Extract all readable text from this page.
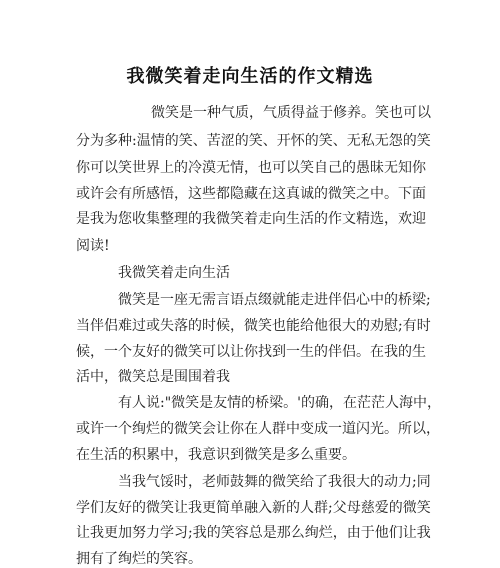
我微笑着走向生活的作文精选
微笑是一种气质，气质得益于修养。笑也可以
分为多种:温情的笑、苦涩的笑、开怀的笑、无私无怨的笑
你可以笑世界上的冷漠无情，也可以笑自己的愚昧无知你
或许会有所感悟，这些都隐藏在这真诚的微笑之中。下面
是我为您收集整理的我微笑着走向生活的作文精选，欢迎
阅读!
我微笑着走向生活
微笑是一座无需言语点缀就能走进伴侣心中的桥梁;
当伴侣难过或失落的时候，微笑也能给他很大的劝慰;有时
候，一个友好的微笑可以让你找到一生的伴侣。在我的生
活中，微笑总是围围着我
有人说:"微笑是友情的桥梁。'的确，在茫茫人海中，
或许一个绚烂的微笑会让你在人群中变成一道闪光。所以，
在生活的积累中，我意识到微笑是多么重要。
当我气馁时，老师鼓舞的微笑给了我很大的动力;同
学们友好的微笑让我更简单融入新的人群;父母慈爱的微笑
让我更加努力学习;我的笑容总是那么绚烂，由于他们让我
拥有了绚烂的笑容。
